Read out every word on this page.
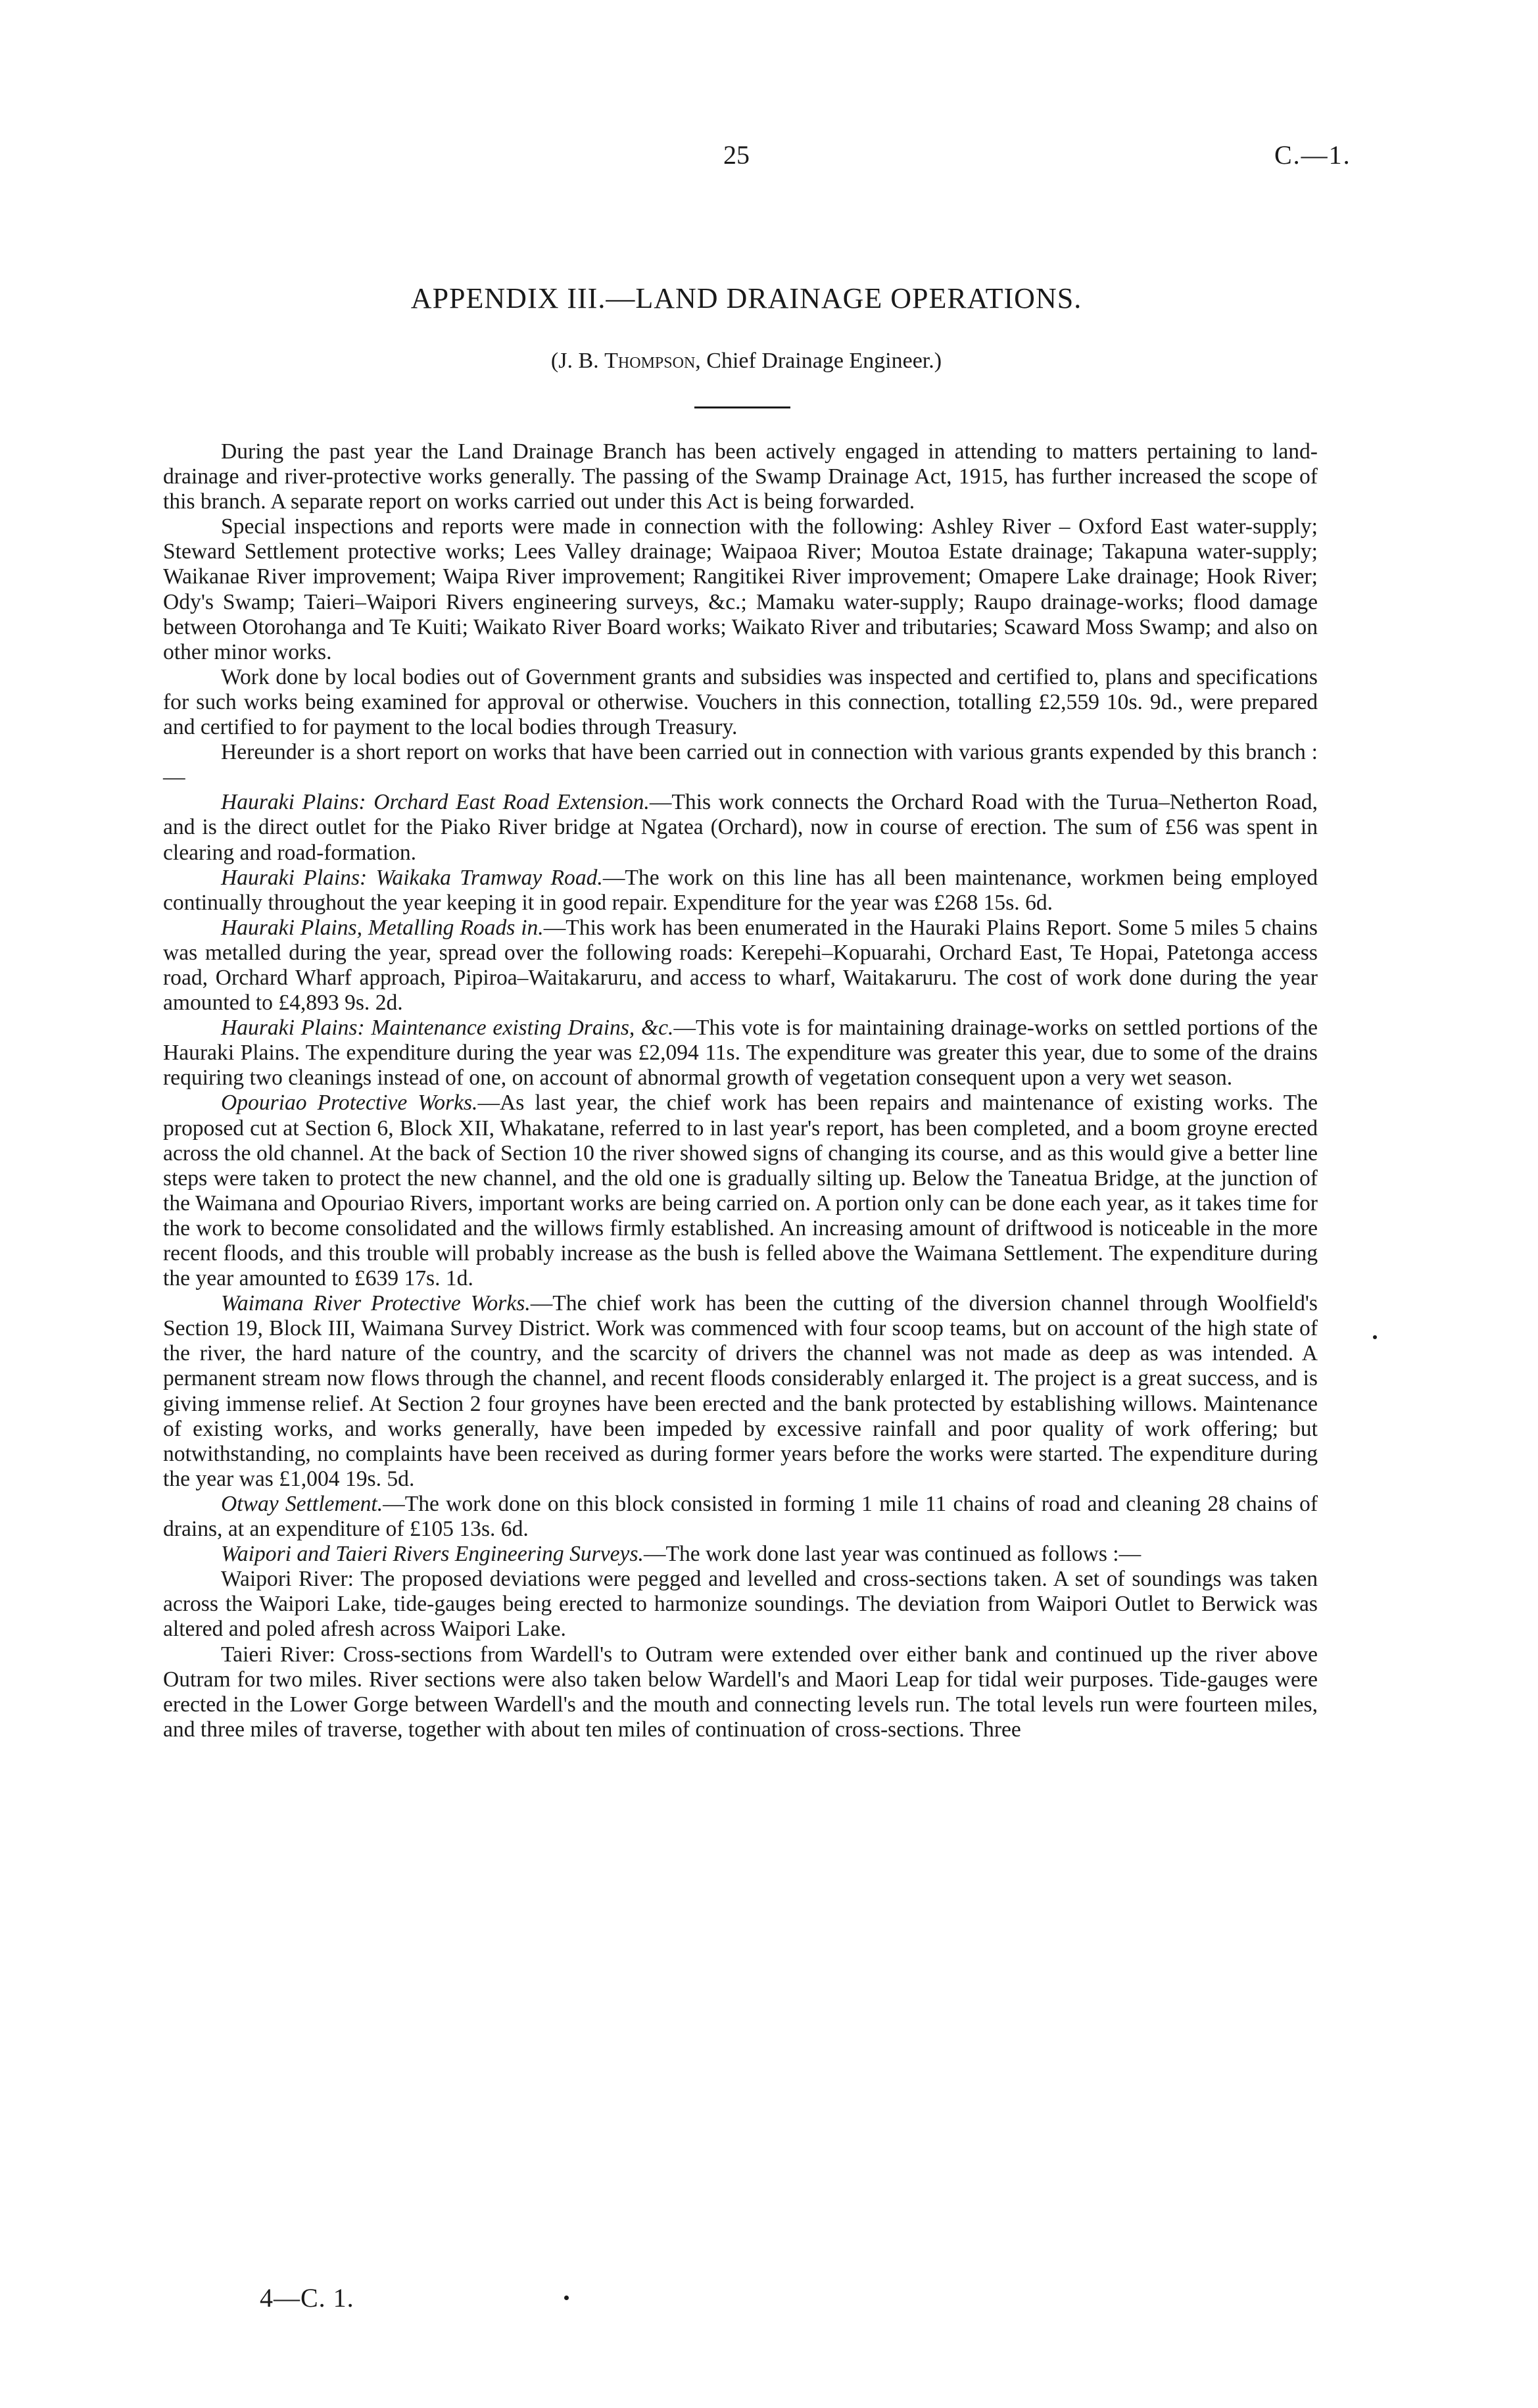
25	C.—1.
APPENDIX III.—LAND DRAINAGE OPERATIONS.
(J. B. Thompson, Chief Drainage Engineer.)

During the past year the Land Drainage Branch has been actively engaged in attending to matters pertaining to land-drainage and river-protective works generally. The passing of the Swamp Drainage Act, 1915, has further increased the scope of this branch. A separate report on works carried out under this Act is being forwarded.

Special inspections and reports were made in connection with the following: Ashley River – Oxford East water-supply; Steward Settlement protective works; Lees Valley drainage; Waipaoa River; Moutoa Estate drainage; Takapuna water-supply; Waikanae River improvement; Waipa River improvement; Rangitikei River improvement; Omapere Lake drainage; Hook River; Ody's Swamp; Taieri–Waipori Rivers engineering surveys, &c.; Mamaku water-supply; Raupo drainage-works; flood damage between Otorohanga and Te Kuiti; Waikato River Board works; Waikato River and tributaries; Scaward Moss Swamp; and also on other minor works.

Work done by local bodies out of Government grants and subsidies was inspected and certified to, plans and specifications for such works being examined for approval or otherwise. Vouchers in this connection, totalling £2,559 10s. 9d., were prepared and certified to for payment to the local bodies through Treasury.

Hereunder is a short report on works that have been carried out in connection with various grants expended by this branch :—

Hauraki Plains: Orchard East Road Extension.—This work connects the Orchard Road with the Turua–Netherton Road, and is the direct outlet for the Piako River bridge at Ngatea (Orchard), now in course of erection. The sum of £56 was spent in clearing and road-formation.

Hauraki Plains: Waikaka Tramway Road.—The work on this line has all been maintenance, workmen being employed continually throughout the year keeping it in good repair. Expenditure for the year was £268 15s. 6d.

Hauraki Plains, Metalling Roads in.—This work has been enumerated in the Hauraki Plains Report. Some 5 miles 5 chains was metalled during the year, spread over the following roads: Kerepehi–Kopuarahi, Orchard East, Te Hopai, Patetonga access road, Orchard Wharf approach, Pipiroa–Waitakaruru, and access to wharf, Waitakaruru. The cost of work done during the year amounted to £4,893 9s. 2d.

Hauraki Plains: Maintenance existing Drains, &c.—This vote is for maintaining drainage-works on settled portions of the Hauraki Plains. The expenditure during the year was £2,094 11s. The expenditure was greater this year, due to some of the drains requiring two cleanings instead of one, on account of abnormal growth of vegetation consequent upon a very wet season.

Opouriao Protective Works.—As last year, the chief work has been repairs and maintenance of existing works. The proposed cut at Section 6, Block XII, Whakatane, referred to in last year's report, has been completed, and a boom groyne erected across the old channel. At the back of Section 10 the river showed signs of changing its course, and as this would give a better line steps were taken to protect the new channel, and the old one is gradually silting up. Below the Taneatua Bridge, at the junction of the Waimana and Opouriao Rivers, important works are being carried on. A portion only can be done each year, as it takes time for the work to become consolidated and the willows firmly established. An increasing amount of driftwood is noticeable in the more recent floods, and this trouble will probably increase as the bush is felled above the Waimana Settlement. The expenditure during the year amounted to £639 17s. 1d.

Waimana River Protective Works.—The chief work has been the cutting of the diversion channel through Woolfield's Section 19, Block III, Waimana Survey District. Work was commenced with four scoop teams, but on account of the high state of the river, the hard nature of the country, and the scarcity of drivers the channel was not made as deep as was intended. A permanent stream now flows through the channel, and recent floods considerably enlarged it. The project is a great success, and is giving immense relief. At Section 2 four groynes have been erected and the bank protected by establishing willows. Maintenance of existing works, and works generally, have been impeded by excessive rainfall and poor quality of work offering; but notwithstanding, no complaints have been received as during former years before the works were started. The expenditure during the year was £1,004 19s. 5d.

Otway Settlement.—The work done on this block consisted in forming 1 mile 11 chains of road and cleaning 28 chains of drains, at an expenditure of £105 13s. 6d.

Waipori and Taieri Rivers Engineering Surveys.—The work done last year was continued as follows :—

Waipori River: The proposed deviations were pegged and levelled and cross-sections taken. A set of soundings was taken across the Waipori Lake, tide-gauges being erected to harmonize soundings. The deviation from Waipori Outlet to Berwick was altered and poled afresh across Waipori Lake.

Taieri River: Cross-sections from Wardell's to Outram were extended over either bank and continued up the river above Outram for two miles. River sections were also taken below Wardell's and Maori Leap for tidal weir purposes. Tide-gauges were erected in the Lower Gorge between Wardell's and the mouth and connecting levels run. The total levels run were fourteen miles, and three miles of traverse, together with about ten miles of continuation of cross-sections. Three

4—C. 1.
